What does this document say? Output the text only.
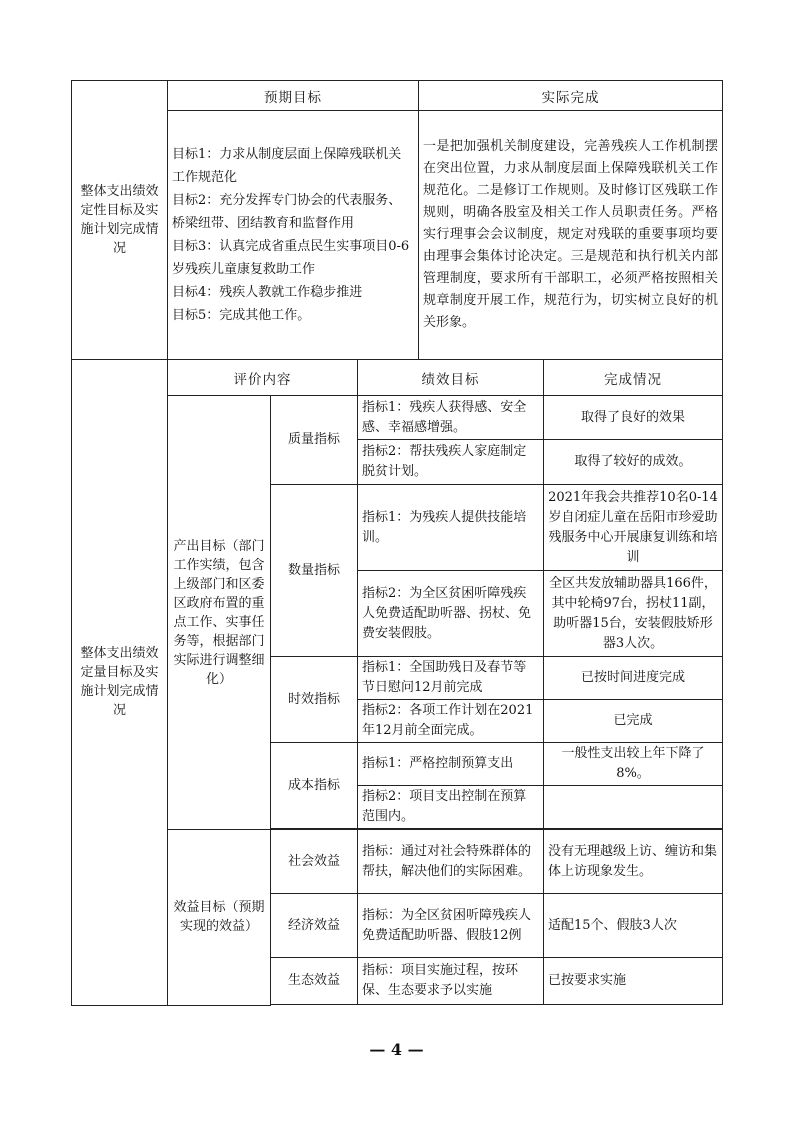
整体支出绩效定性目标及实施计划完成情况	预期目标	实际完成

	目标1：力求从制度层面上保障残联机关工作规范化
目标2：充分发挥专门协会的代表服务、桥梁纽带、团结教育和监督作用
目标3：认真完成省重点民生实事项目0-6岁残疾儿童康复救助工作
目标4：残疾人教就工作稳步推进
目标5：完成其他工作。	一是把加强机关制度建设，完善残疾人工作机制摆在突出位置，力求从制度层面上保障残联机关工作规范化。二是修订工作规则。及时修订区残联工作规则，明确各股室及相关工作人员职责任务。严格实行理事会会议制度，规定对残联的重要事项均要由理事会集体讨论决定。三是规范和执行机关内部管理制度，要求所有干部职工，必须严格按照相关规章制度开展工作，规范行为，切实树立良好的机关形象。
整体支出绩效定量目标及实施计划完成情况	评价内容		绩效目标	完成情况
	产出目标（部门工作实绩，包含上级部门和区委区政府布置的重点工作、实事任务等，根据部门实际进行调整细化）	质量指标	指标1：残疾人获得感、安全感、幸福感增强。	取得了良好的效果
			指标2：帮扶残疾人家庭制定脱贫计划。	取得了较好的成效。
		数量指标	指标1：为残疾人提供技能培训。	2021年我会共推荐10名0-14岁自闭症儿童在岳阳市珍爱助残服务中心开展康复训练和培训
			指标2：为全区贫困听障残疾人免费适配助听器、拐杖、免费安装假肢。	全区共发放辅助器具166件，其中轮椅97台，拐杖11副，助听器15台，安装假肢矫形器3人次。
		时效指标	指标1：全国助残日及春节等节日慰问12月前完成	已按时间进度完成
			指标2：各项工作计划在2021年12月前全面完成。	已完成
		成本指标	指标1：严格控制预算支出	一般性支出较上年下降了8%。
			指标2：项目支出控制在预算范围内。	

	效益目标（预期实现的效益）	社会效益	指标：通过对社会特殊群体的帮扶，解决他们的实际困难。	没有无理越级上访、缠访和集体上访现象发生。
		经济效益	指标：为全区贫困听障残疾人免费适配助听器、假肢12例	适配15个、假肢3人次
		生态效益	指标：项目实施过程，按环保、生态要求予以实施	已按要求实施

— 4 —
